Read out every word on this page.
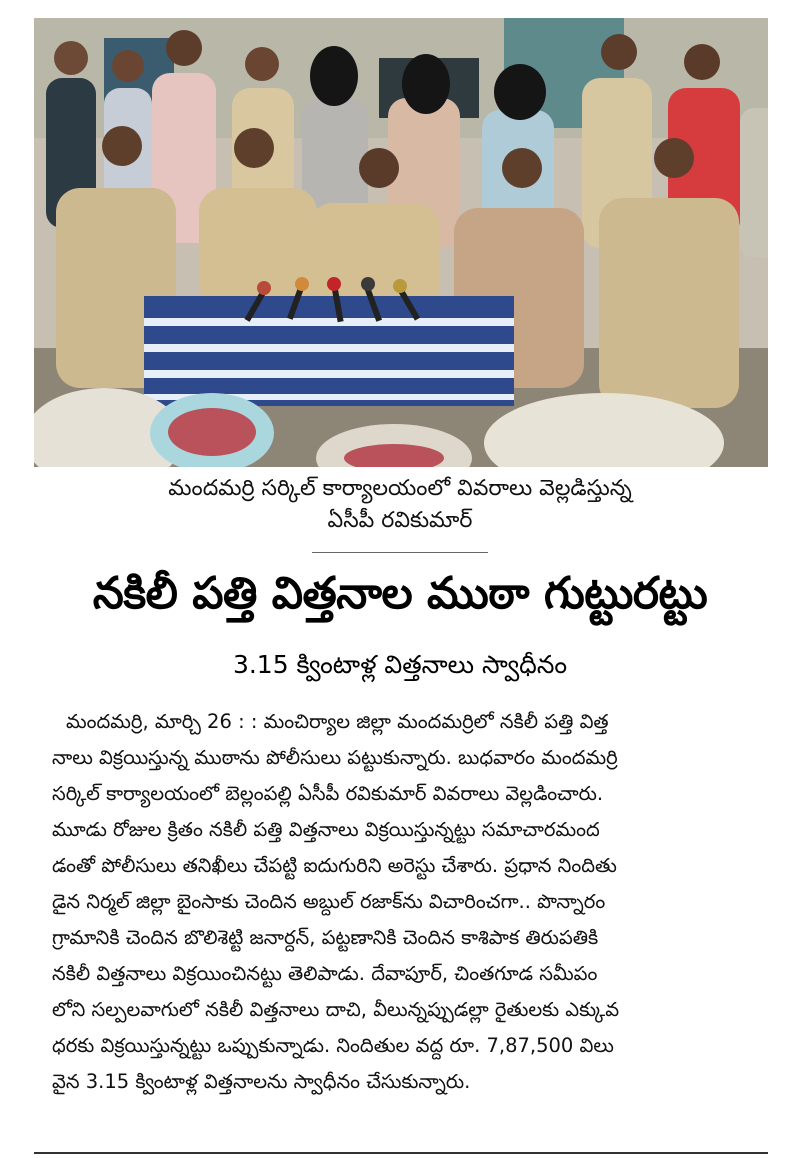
మందమర్రి సర్కిల్ కార్యాలయంలో వివరాలు వెల్లడిస్తున్న
ఏసీపీ రవికుమార్
నకిలీ పత్తి విత్తనాల ముఠా గుట్టురట్టు
3.15 క్వింటాళ్ల విత్తనాలు స్వాధీనం
మందమర్రి, మార్చి 26 : : మంచిర్యాల జిల్లా మందమర్రిలో నకిలీ పత్తి విత్త
నాలు విక్రయిస్తున్న ముఠాను పోలీసులు పట్టుకున్నారు. బుధవారం మందమర్రి
సర్కిల్ కార్యాలయంలో బెల్లంపల్లి ఏసీపీ రవికుమార్ వివరాలు వెల్లడించారు.
మూడు రోజుల క్రితం నకిలీ పత్తి విత్తనాలు విక్రయిస్తున్నట్టు సమాచారమంద
డంతో పోలీసులు తనిఖీలు చేపట్టి ఐదుగురిని అరెస్టు చేశారు. ప్రధాన నిందితు
డైన నిర్మల్ జిల్లా బైంసాకు చెందిన అబ్దుల్ రజాక్‌ను విచారించగా.. పొన్నారం
గ్రామానికి చెందిన బొలిశెట్టి జనార్దన్, పట్టణానికి చెందిన కాశిపాక తిరుపతికి
నకిలీ విత్తనాలు విక్రయించినట్టు తెలిపాడు. దేవాపూర్, చింతగూడ సమీపం
లోని సల్పలవాగులో నకిలీ విత్తనాలు దాచి, వీలున్నప్పుడల్లా రైతులకు ఎక్కువ
ధరకు విక్రయిస్తున్నట్టు ఒప్పుకున్నాడు. నిందితుల వద్ద రూ. 7,87,500 విలు
వైన 3.15 క్వింటాళ్ల విత్తనాలను స్వాధీనం చేసుకున్నారు.
